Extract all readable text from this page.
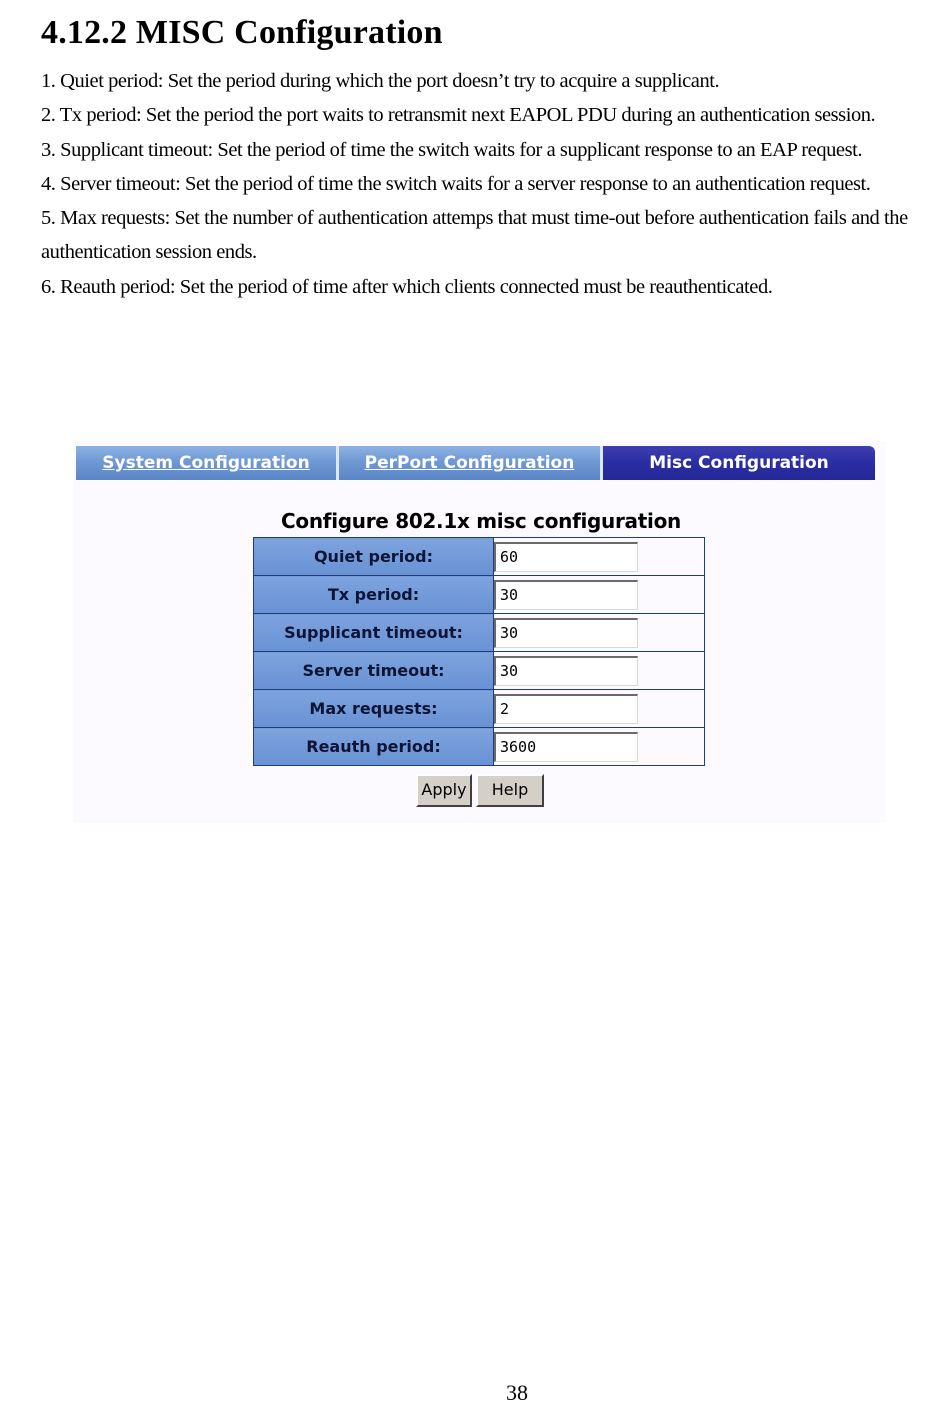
4.12.2 MISC Configuration

1. Quiet period: Set the period during which the port doesn’t try to acquire a supplicant.

2. Tx period: Set the period the port waits to retransmit next EAPOL PDU during an authentication session.

3. Supplicant timeout: Set the period of time the switch waits for a supplicant response to an EAP request.

4. Server timeout: Set the period of time the switch waits for a server response to an authentication request.

5. Max requests: Set the number of authentication attemps that must time-out before authentication fails and the authentication session ends.

6. Reauth period: Set the period of time after which clients connected must be reauthenticated.

System Configuration	PerPort Configuration	Misc Configuration
Configure 802.1x misc configuration
Quiet period:	60
Tx period:	30
Supplicant timeout:	30
Server timeout:	30
Max requests:	2
Reauth period:	3600
Apply	Help
38
